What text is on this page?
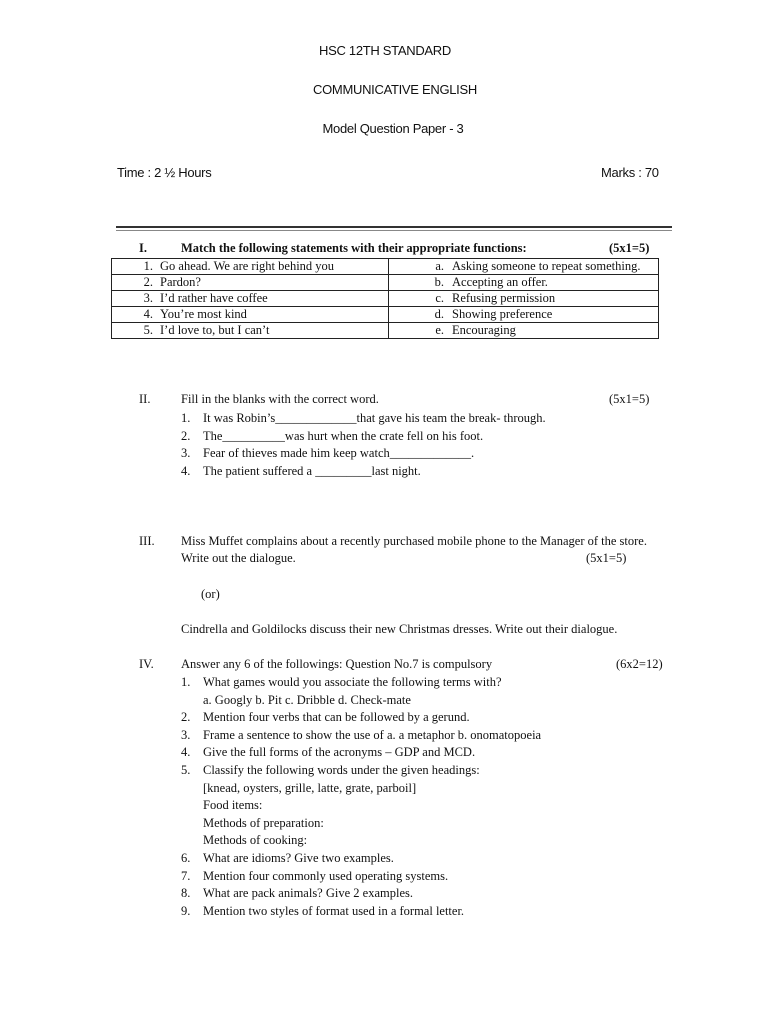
HSC 12TH STANDARD
COMMUNICATIVE ENGLISH
Model Question Paper - 3
Time : 2 ½ Hours	Marks : 70
I.	Match the following statements with their appropriate functions:	(5x1=5)
1. Go ahead. We are right behind you	a. Asking someone to repeat something.
2. Pardon?	b. Accepting an offer.
3. I’d rather have coffee	c. Refusing permission
4. You’re most kind	d. Showing preference
5. I’d love to, but I can’t	e. Encouraging
II. Fill in the blanks with the correct word.	(5x1=5)
1. It was Robin’s_____________that gave his team the break- through.
2. The__________was hurt when the crate fell on his foot.
3. Fear of thieves made him keep watch_____________.
4. The patient suffered a _________last night.
III. Miss Muffet complains about a recently purchased mobile phone to the Manager of the store.
Write out the dialogue.	(5x1=5)
(or)
Cindrella and Goldilocks discuss their new Christmas dresses. Write out their dialogue.
IV. Answer any 6 of the followings: Question No.7 is compulsory	(6x2=12)
1. What games would you associate the following terms with?
a. Googly b. Pit c. Dribble d. Check-mate
2. Mention four verbs that can be followed by a gerund.
3. Frame a sentence to show the use of a. a metaphor b. onomatopoeia
4. Give the full forms of the acronyms – GDP and MCD.
5. Classify the following words under the given headings:
[knead, oysters, grille, latte, grate, parboil]
Food items:
Methods of preparation:
Methods of cooking:
6. What are idioms? Give two examples.
7. Mention four commonly used operating systems.
8. What are pack animals? Give 2 examples.
9. Mention two styles of format used in a formal letter.
